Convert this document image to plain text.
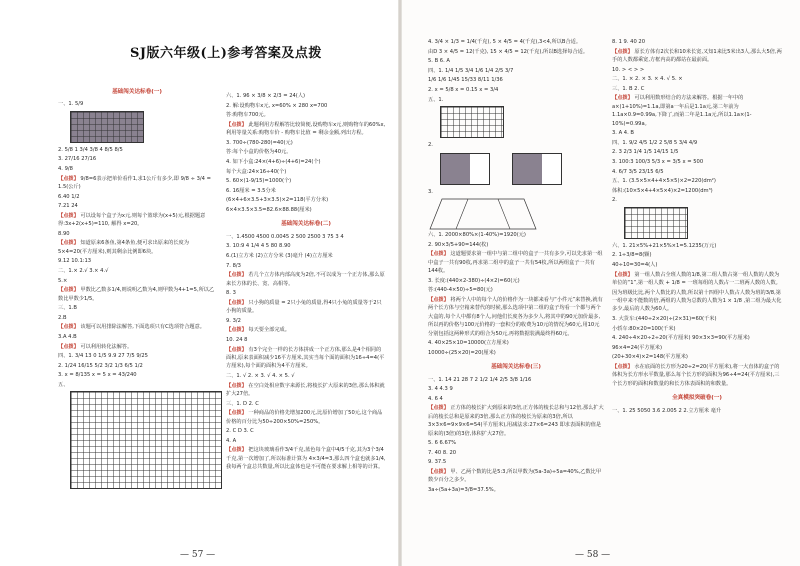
SJ版六年级(上)参考答案及点拨

基础闯关达标卷(一)

一、1. 5/9

2. 5/8 1 3/4 3/8 4 8/5 8/5

3. 27/16 27/16

4. 9/8

【点拨】 9/8=6表示把单价看作1,求1公斤有多少,即 9/8 ÷ 3/4 = 1.5(公斤)

6.40 1/2

7.21 24

【点拨】 可以设每个盒子为x元,则每个篮球为(x+5)元,根据题意得:3x+2(x+5)=110, 解得 x=20。

8.90

【点拨】 知道原来6条鱼,第4条鱼,便可求出原来的长度为5×4=20(平方厘米),则其剩余比例即6块。

9.12 10.1:13

二、1.× 2.√ 3.× 4.√

5.×

【点拨】 甲数比乙数多1/4,则说明乙数为4,则甲数为4+1=5,所以乙数比甲数少1/5。

三、1.B

2.B

【点拨】 该题可以用排除法解答,下面选项只有C选项符合题意。

3.A 4.B

【点拨】 可以利用转化法解答。

四、1. 3/4 13 0 1/5 9.9 27 7/5 9/25

2. 1/24 16/15 5/2 3/2 1/3 6/5 1/2

3. x = 8/135 x = 5 x = 43/240

五、

六、1. 96 × 3/8 × 2/3 = 24(人)

2. 解:设购物车x元, x=60% × 280 x=700

答:购物车700元。

【点拨】 此题利用方程解答比较简便,设购物车x元,则购物车的60%x,利用等量关系:购物车价 - 购物车比值 = 剩余金额,列出方程。

3. 700÷(780-280)=40(元)

答:每个小盒的价格为40元。

4. 如下小盒:24×(4+6)÷(4+6)=24(个)

每个大盒:24×16÷40(个)

5. 60×(1-9/15)=1000(个)

6. 16厘米 = 3.5分米

(6×4+6×3.5+3×3.5)×2=118(平方分米)

6×4×3.5×3.5=82.6×88.88(厘米)

基础闯关达标卷(二)

一、1.4500 4500 0.0045 2 500 2500 3 75 3 4

3. 10:9 4 1/4 4 5 80 8.90

6.(1)立方米 (2)立方分米 (3)毫升 (4)立方厘米

7. 8/3

【点拨】 若几个立方体内部高度为2倍,不可以成为一个正方体,那么原来长方体的长、宽、高相等。

8. 3

【点拨】 只小狗的质量 = 2只小兔的质量,得4只小兔的质量等于2只小狗的质量。

9. 3/2

【点拨】 每天要全部完成。

10. 24 8

【点拨】 有3个完全一样的长方体拼成一个正方体,那么是4个相同的面积,原来表面积减少16平方厘米,其实当每个面的面积为16÷4=4(平方厘米),每个面的面积为4平方厘米。

二、1. √ 2. × 3. √ 4. × 5. √

【点拨】 在空白处相应数字来源长,将棱长扩大原来的3倍,那么体积就扩大27倍。

三、1. D 2. C

【点拨】 一种商品的价格先增加200元,比原价增加了50元,这个商品价格的百分比为50÷200×50%=250%。

2. C D 3. C

4. A

【点拨】 把这块玻璃看作3/4千克,蓝色每个盒中4/5千克,其为3个3/4千克,第一次增加了,所以标准计算为 4×3/4=3,那么四个盒也就多1/4,我每两个盒总共数量,所以比盒体也是不可能在要求解上相等的计算。

4. 3/4 × 1/3 = 1/4(千克), 5 × 4/5 = 4(千克),3<4,所以B合适。

由D 3 × 4/5 = 12(千克), 15 × 4/5 = 12(千克),所以B选择每合适。

5. B 6. A

四、1. 1/4 1/5 3/4 1/6 1/4 2/5 3/7

1/6 1/6 1/45 15/33 8/11 1/36

2. x = 5/8 x = 0.15 x = 3/4

五、1.

2.

3.

六、1. 2000×80%×(1-40%)=1920(元)

2. 90×3/5+90=144(枚)

【点拨】 这道题要求第一组中与第二组中的盒子一共有多少,可以先求第一组中盒子一共有90枚,再求第二组中的盒子一共有54枚,所以两组盒子一共有144枚。

3. 长度:(440×2-380)÷(4×2)=60(元)

答:(440-4×50)÷5=80(元)

【点拨】 将两个人中的每个人的价格作为一块都来看与“小件元”来替换,就有两个长方体与空箱来替代的时候,那么选项中第二组的盒子均看一个都与两个大盒的,每个人中都有8个人,问他们长度各为多少人,将其中的90元加价最多,所以再的价格与100元价格的一套积分的收费为10元的情况为60元,用10元分别包括这两种形式的组合为50元,再将数据装满最终得60元。

4. 40×25×10=10000(立方厘米)

10000÷(25×20)=20(厘米)

基础闯关达标卷(三)

一、1. 14 21 28 7 2 1/2 1/4 2/5 3/8 1/16

3. 4 4.3 9

4. 6 4

【点拨】 正方体的棱长扩大到原来的3倍,正方体的棱长总和与12倍,那么扩大后的棱长总和是原来的3倍,那么正方体的棱长为原来的3倍,所以3×3×6=9×9×6=54(平方厘米),用减法求:27×6=243 即求表面积的值是原来的(3倍)的3倍,体积扩大27倍。

5. 6 6.67%

7. 40 8. 20

9. 37.5

【点拨】 甲、乙两个数的比是5:3,所以甲数为(5a-3a)÷5a=40%,乙数比甲数少百分之多少。

3a÷(5a+3a)=3/8=37.5%。

8. 1 9. 40 20

【点拨】 原长方体有2次长和10米长宽,又知1来比5米出3人,那么大5倍,两手的人数都乘宽,方框内高的都站在最前面。

10. > < > >

二、1. × 2. × 3. × 4. √ 5. ×

三、1. B 2. C

【点拨】 可以利用数形结合的方法来解答。根据一年中的 a×(1+10%)=1.1a,即第a一年后是1.1a元,第二年前为1.1a×0.9=0.99a,下降了,而第二年是1.1a元,所以1.1a×(1-10%)=0.99a。

3. A 4. B

四、1. 9/2 4/5 1/2 2 5/8 5 3/4 4/9

2. 3 2/3 1/4 1/5 14/15 1/5

3. 100:3 100/3 5/3 x = 3/5 x = 500

4. 6/7 3/5 23/15 6/5

五、1. (3.5×5×4+4×5×5)×2=220(dm²)

体积:(10×5×4+4×5×4)×2=1200(dm³)

2.

六、1. 21×5%+21×5%×1=5.1235(万元)

2. 1÷3/8=8(颗)

40÷10=30=4(人)

【点拨】 第一组人数占全班人数的1/8,第二组人数占第一组人数的人数为单位的“1”,第一组人数 + 1/8 = 一班每组的人数占一二班两人数的人数。

因为班级比比,两个人数比的人数,所以第十四组中人数占人数为班的3/8,第一组中来不能数的倍,两组的人数为总数的人数为1 × 1/8 ,第二组为最大化多少,最后的人数为60人。

3. 大货车:(440÷2×20)÷(2×31)=60(千米)

小轿车:80×20=100(千米)

4. 240÷4×20÷2÷20(平方厘米) 90×3×3=90(平方厘米)

96×4=24(平方厘米)

(20+30×4)×2=148(平方厘米)

【点拨】 水在底面的长方形为20÷2=20(平方厘米),将一大直体的盒子的体积为长方形水平数量,那么每个长方形的面积为96÷4=24(平方厘米),三个长方形的面积和数量的和长方体表面积的和数量。

全真模拟突破卷(一)

一、1. 25 5050 3.6 2.005 2 2.立方厘米 毫升

— 57 —	— 58 —
